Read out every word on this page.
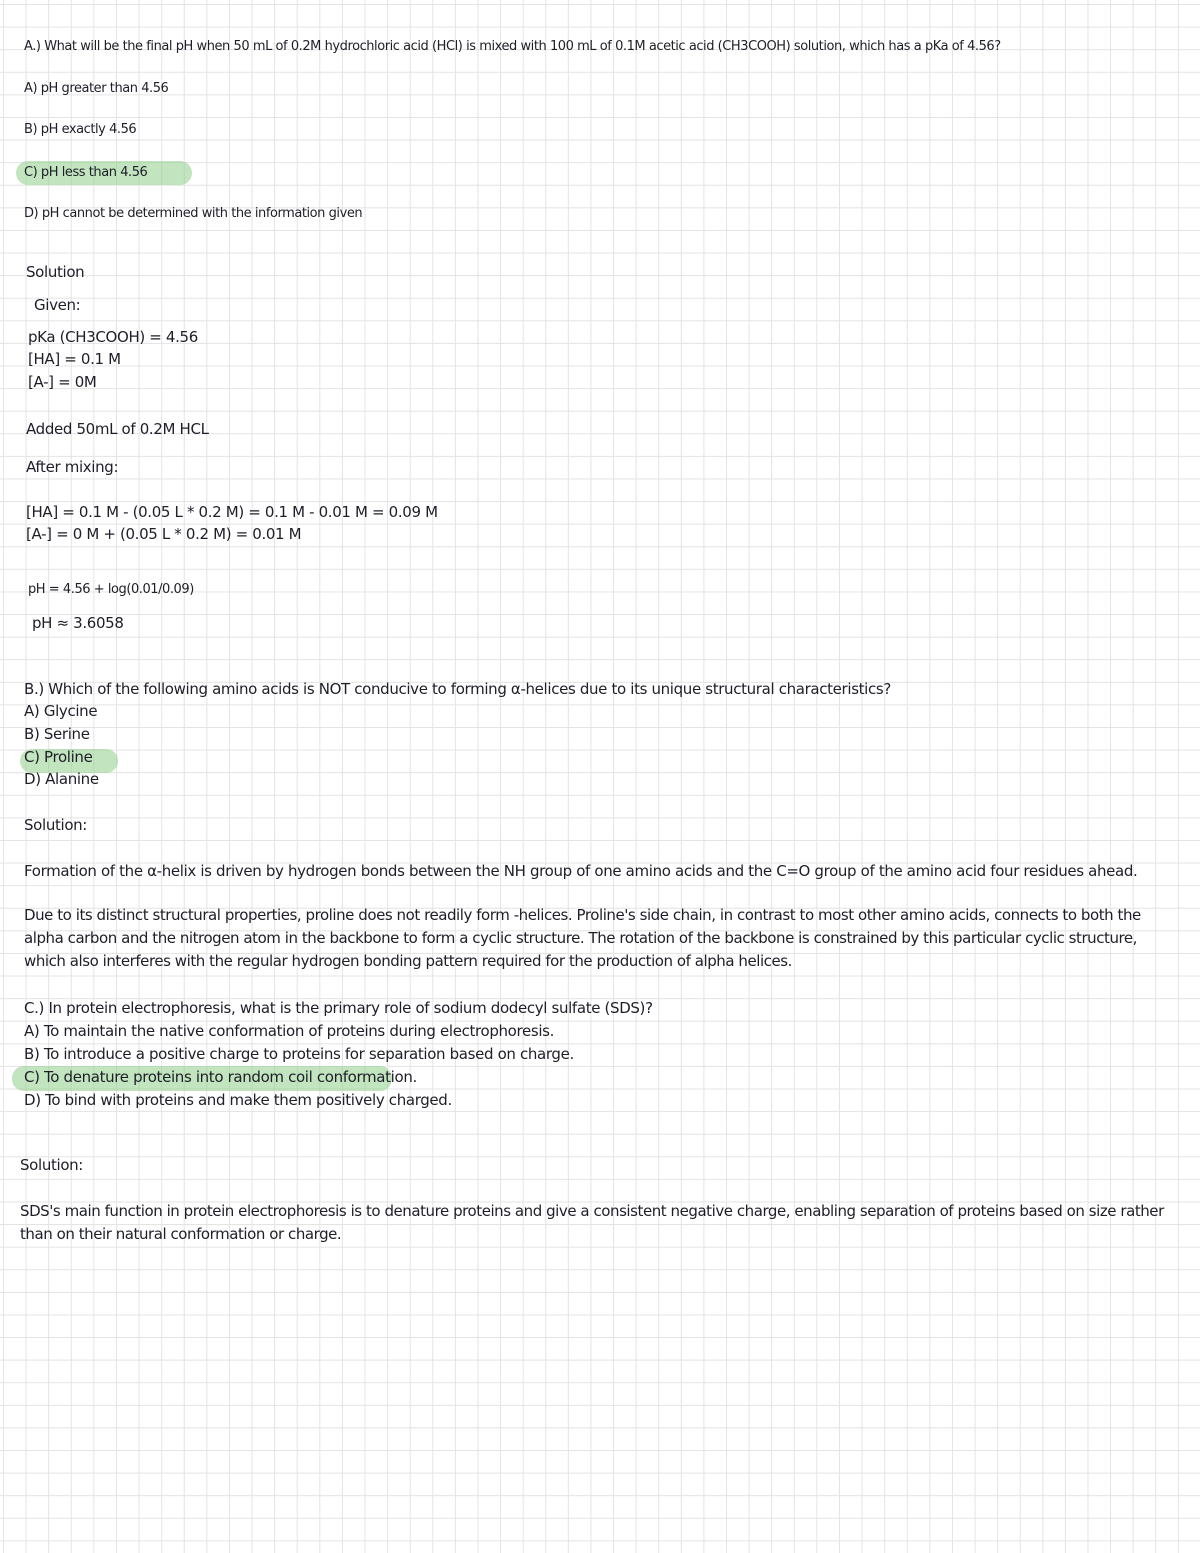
A.) What will be the final pH when 50 mL of 0.2M hydrochloric acid (HCl) is mixed with 100 mL of 0.1M acetic acid (CH3COOH) solution, which has a pKa of 4.56?
A) pH greater than 4.56
B) pH exactly 4.56
C) pH less than 4.56
D) pH cannot be determined with the information given
Solution
Given:
pKa (CH3COOH) = 4.56
[HA] = 0.1 M
[A-] = 0M
Added 50mL of 0.2M HCL
After mixing:
[HA] = 0.1 M - (0.05 L * 0.2 M) = 0.1 M - 0.01 M = 0.09 M
[A-] = 0 M + (0.05 L * 0.2 M) = 0.01 M
pH = 4.56 + log(0.01/0.09)
pH ≈ 3.6058
B.) Which of the following amino acids is NOT conducive to forming α-helices due to its unique structural characteristics?
A) Glycine
B) Serine
C) Proline
D) Alanine
Solution:
Formation of the α-helix is driven by hydrogen bonds between the NH group of one amino acids and the C=O group of the amino acid four residues ahead.
Due to its distinct structural properties, proline does not readily form -helices. Proline's side chain, in contrast to most other amino acids, connects to both the alpha carbon and the nitrogen atom in the backbone to form a cyclic structure. The rotation of the backbone is constrained by this particular cyclic structure, which also interferes with the regular hydrogen bonding pattern required for the production of alpha helices.
C.) In protein electrophoresis, what is the primary role of sodium dodecyl sulfate (SDS)?
A) To maintain the native conformation of proteins during electrophoresis.
B) To introduce a positive charge to proteins for separation based on charge.
C) To denature proteins into random coil conformation.
D) To bind with proteins and make them positively charged.
Solution:
SDS's main function in protein electrophoresis is to denature proteins and give a consistent negative charge, enabling separation of proteins based on size rather than on their natural conformation or charge.
